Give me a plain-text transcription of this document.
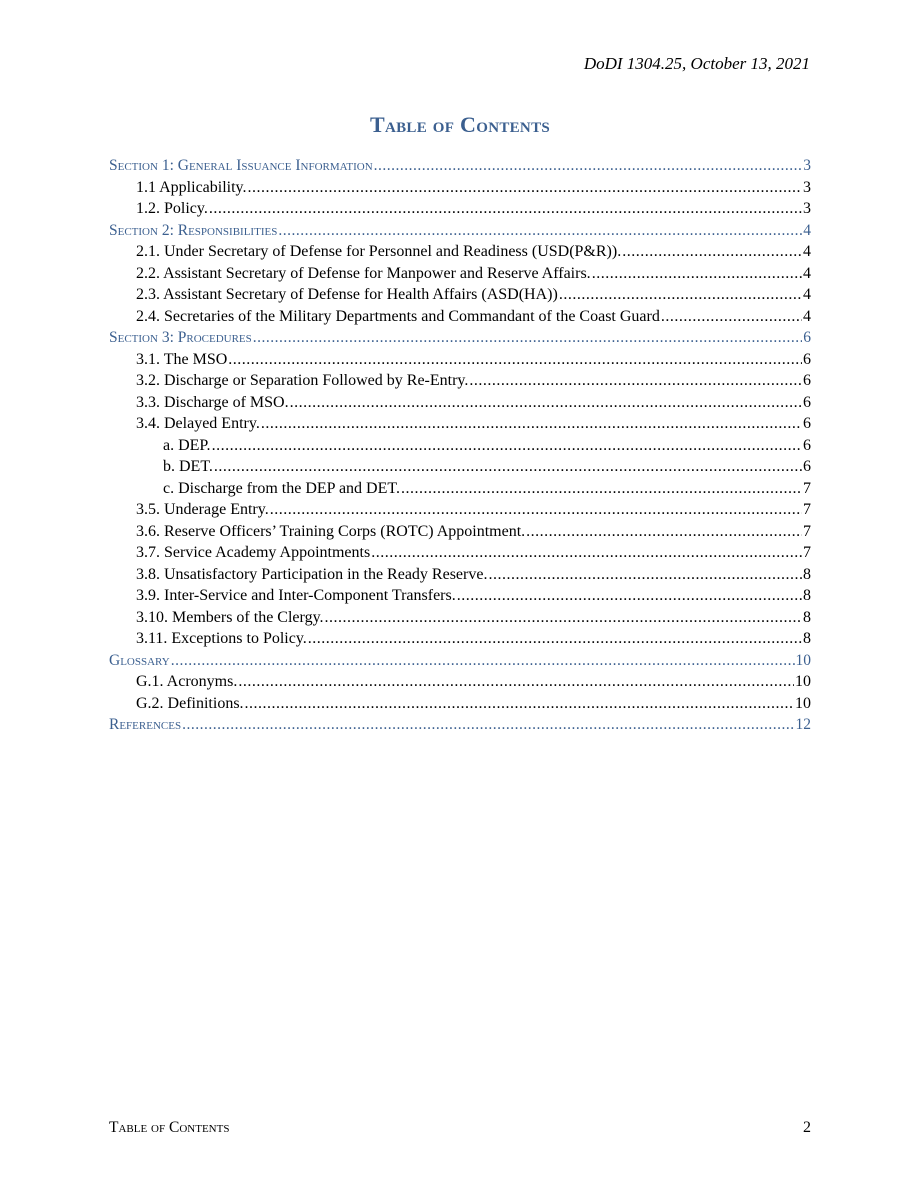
DoDI 1304.25, October 13, 2021
Table of Contents
Section 1: General Issuance Information .....	3
1.1 Applicability. .....	3
1.2. Policy. .....	3
Section 2: Responsibilities .....	4
2.1. Under Secretary of Defense for Personnel and Readiness (USD(P&R)). .....	4
2.2. Assistant Secretary of Defense for Manpower and Reserve Affairs. .....	4
2.3. Assistant Secretary of Defense for Health Affairs (ASD(HA)) .....	4
2.4. Secretaries of the Military Departments and Commandant of the Coast Guard .....	4
Section 3: Procedures .....	6
3.1. The MSO .....	6
3.2. Discharge or Separation Followed by Re-Entry. .....	6
3.3. Discharge of MSO. .....	6
3.4. Delayed Entry. .....	6
a. DEP. .....	6
b. DET. .....	6
c. Discharge from the DEP and DET. .....	7
3.5. Underage Entry. .....	7
3.6. Reserve Officers’ Training Corps (ROTC) Appointment. .....	7
3.7. Service Academy Appointments .....	7
3.8. Unsatisfactory Participation in the Ready Reserve. .....	8
3.9. Inter-Service and Inter-Component Transfers. .....	8
3.10. Members of the Clergy. .....	8
3.11. Exceptions to Policy. .....	8
Glossary .....	10
G.1. Acronyms. .....	10
G.2. Definitions. .....	10
References .....	12
Table of Contents	2
